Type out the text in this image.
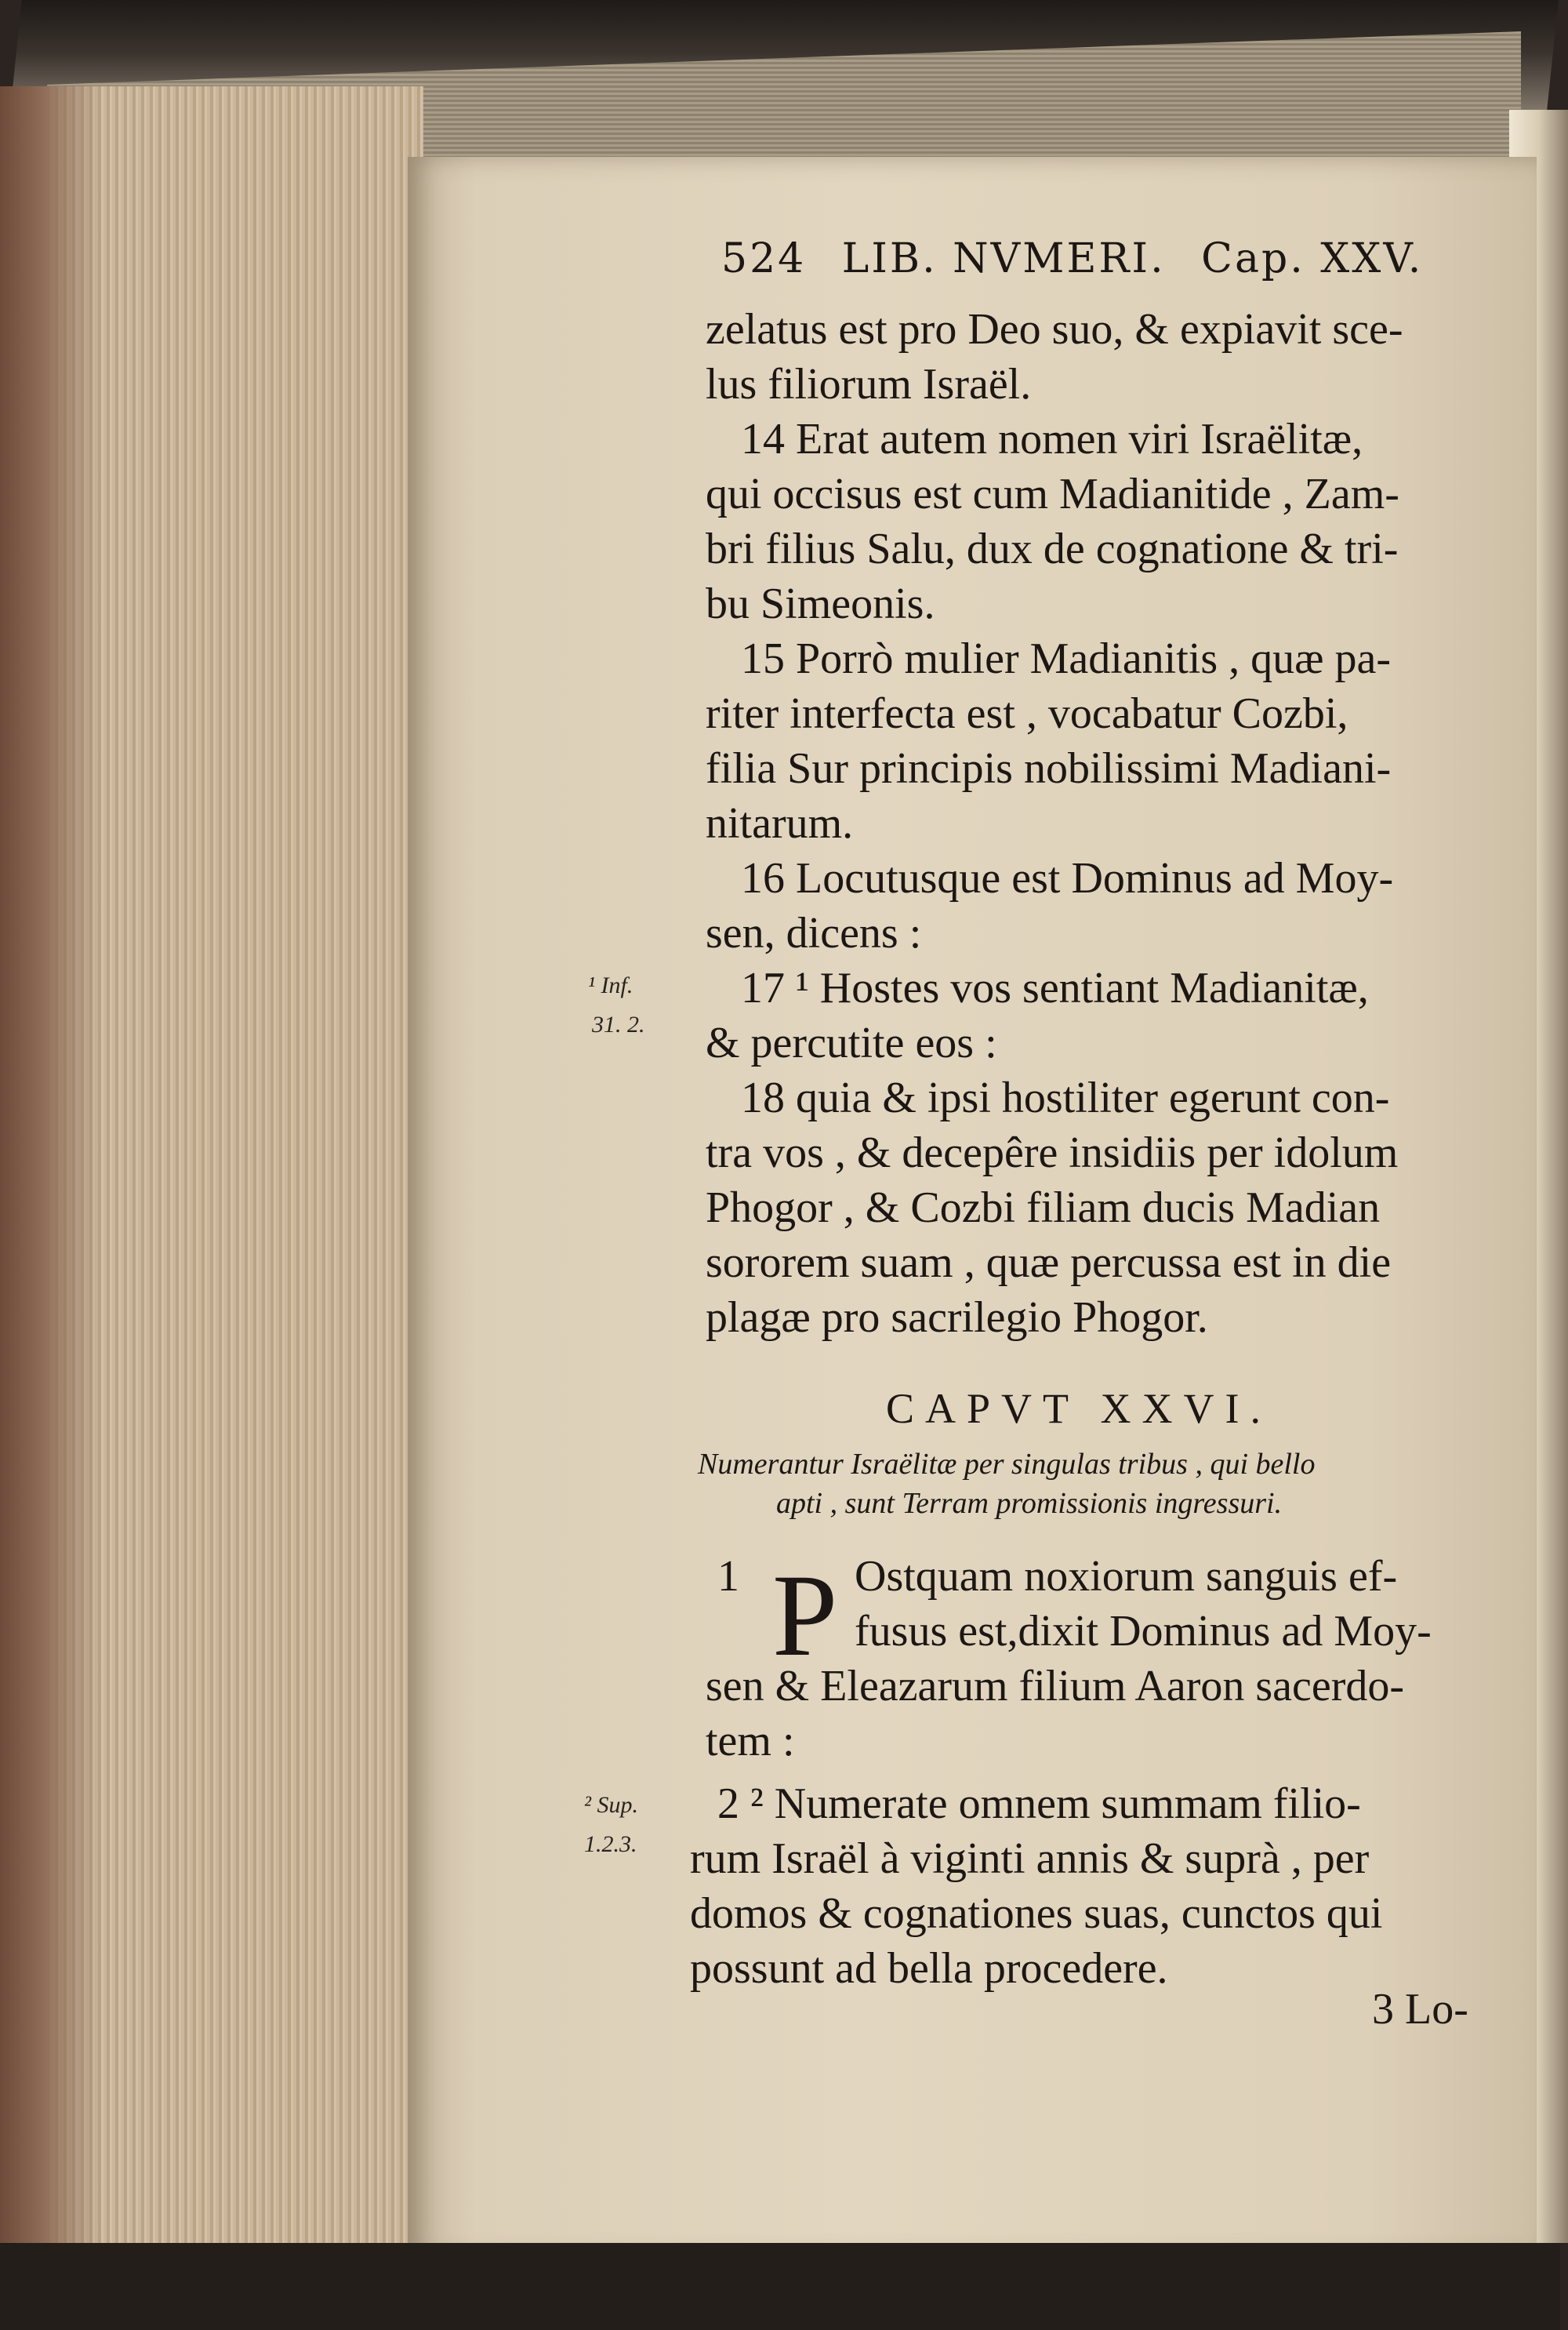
524 LIB. NVMERI. Cap. XXV.
zelatus est pro Deo suo, & expiavit sce-
lus filiorum Israël.
14 Erat autem nomen viri Israëlitæ,
qui occisus est cum Madianitide , Zam-
bri filius Salu, dux de cognatione & tri-
bu Simeonis.
15 Porrò mulier Madianitis , quæ pa-
riter interfecta est , vocabatur Cozbi,
filia Sur principis nobilissimi Madiani-
nitarum.
16 Locutusque est Dominus ad Moy-
sen, dicens :
17 ¹ Hostes vos sentiant Madianitæ,
& percutite eos :
18 quia & ipsi hostiliter egerunt con-
tra vos , & decepêre insidiis per idolum
Phogor , & Cozbi filiam ducis Madian
sororem suam , quæ percussa est in die
plagæ pro sacrilegio Phogor.
¹ Inf.
31. 2.
² Sup.
1.2.3.
CAPVT XXVI.
Numerantur Israëlitæ per singulas tribus , qui bello
apti , sunt Terram promissionis ingressuri.
1 P Ostquam noxiorum sanguis ef-
fusus est,dixit Dominus ad Moy-
sen & Eleazarum filium Aaron sacerdo-
tem :
2 ² Numerate omnem summam filio-
rum Israël à viginti annis & suprà , per
domos & cognationes suas, cunctos qui
possunt ad bella procedere.
3 Lo-
